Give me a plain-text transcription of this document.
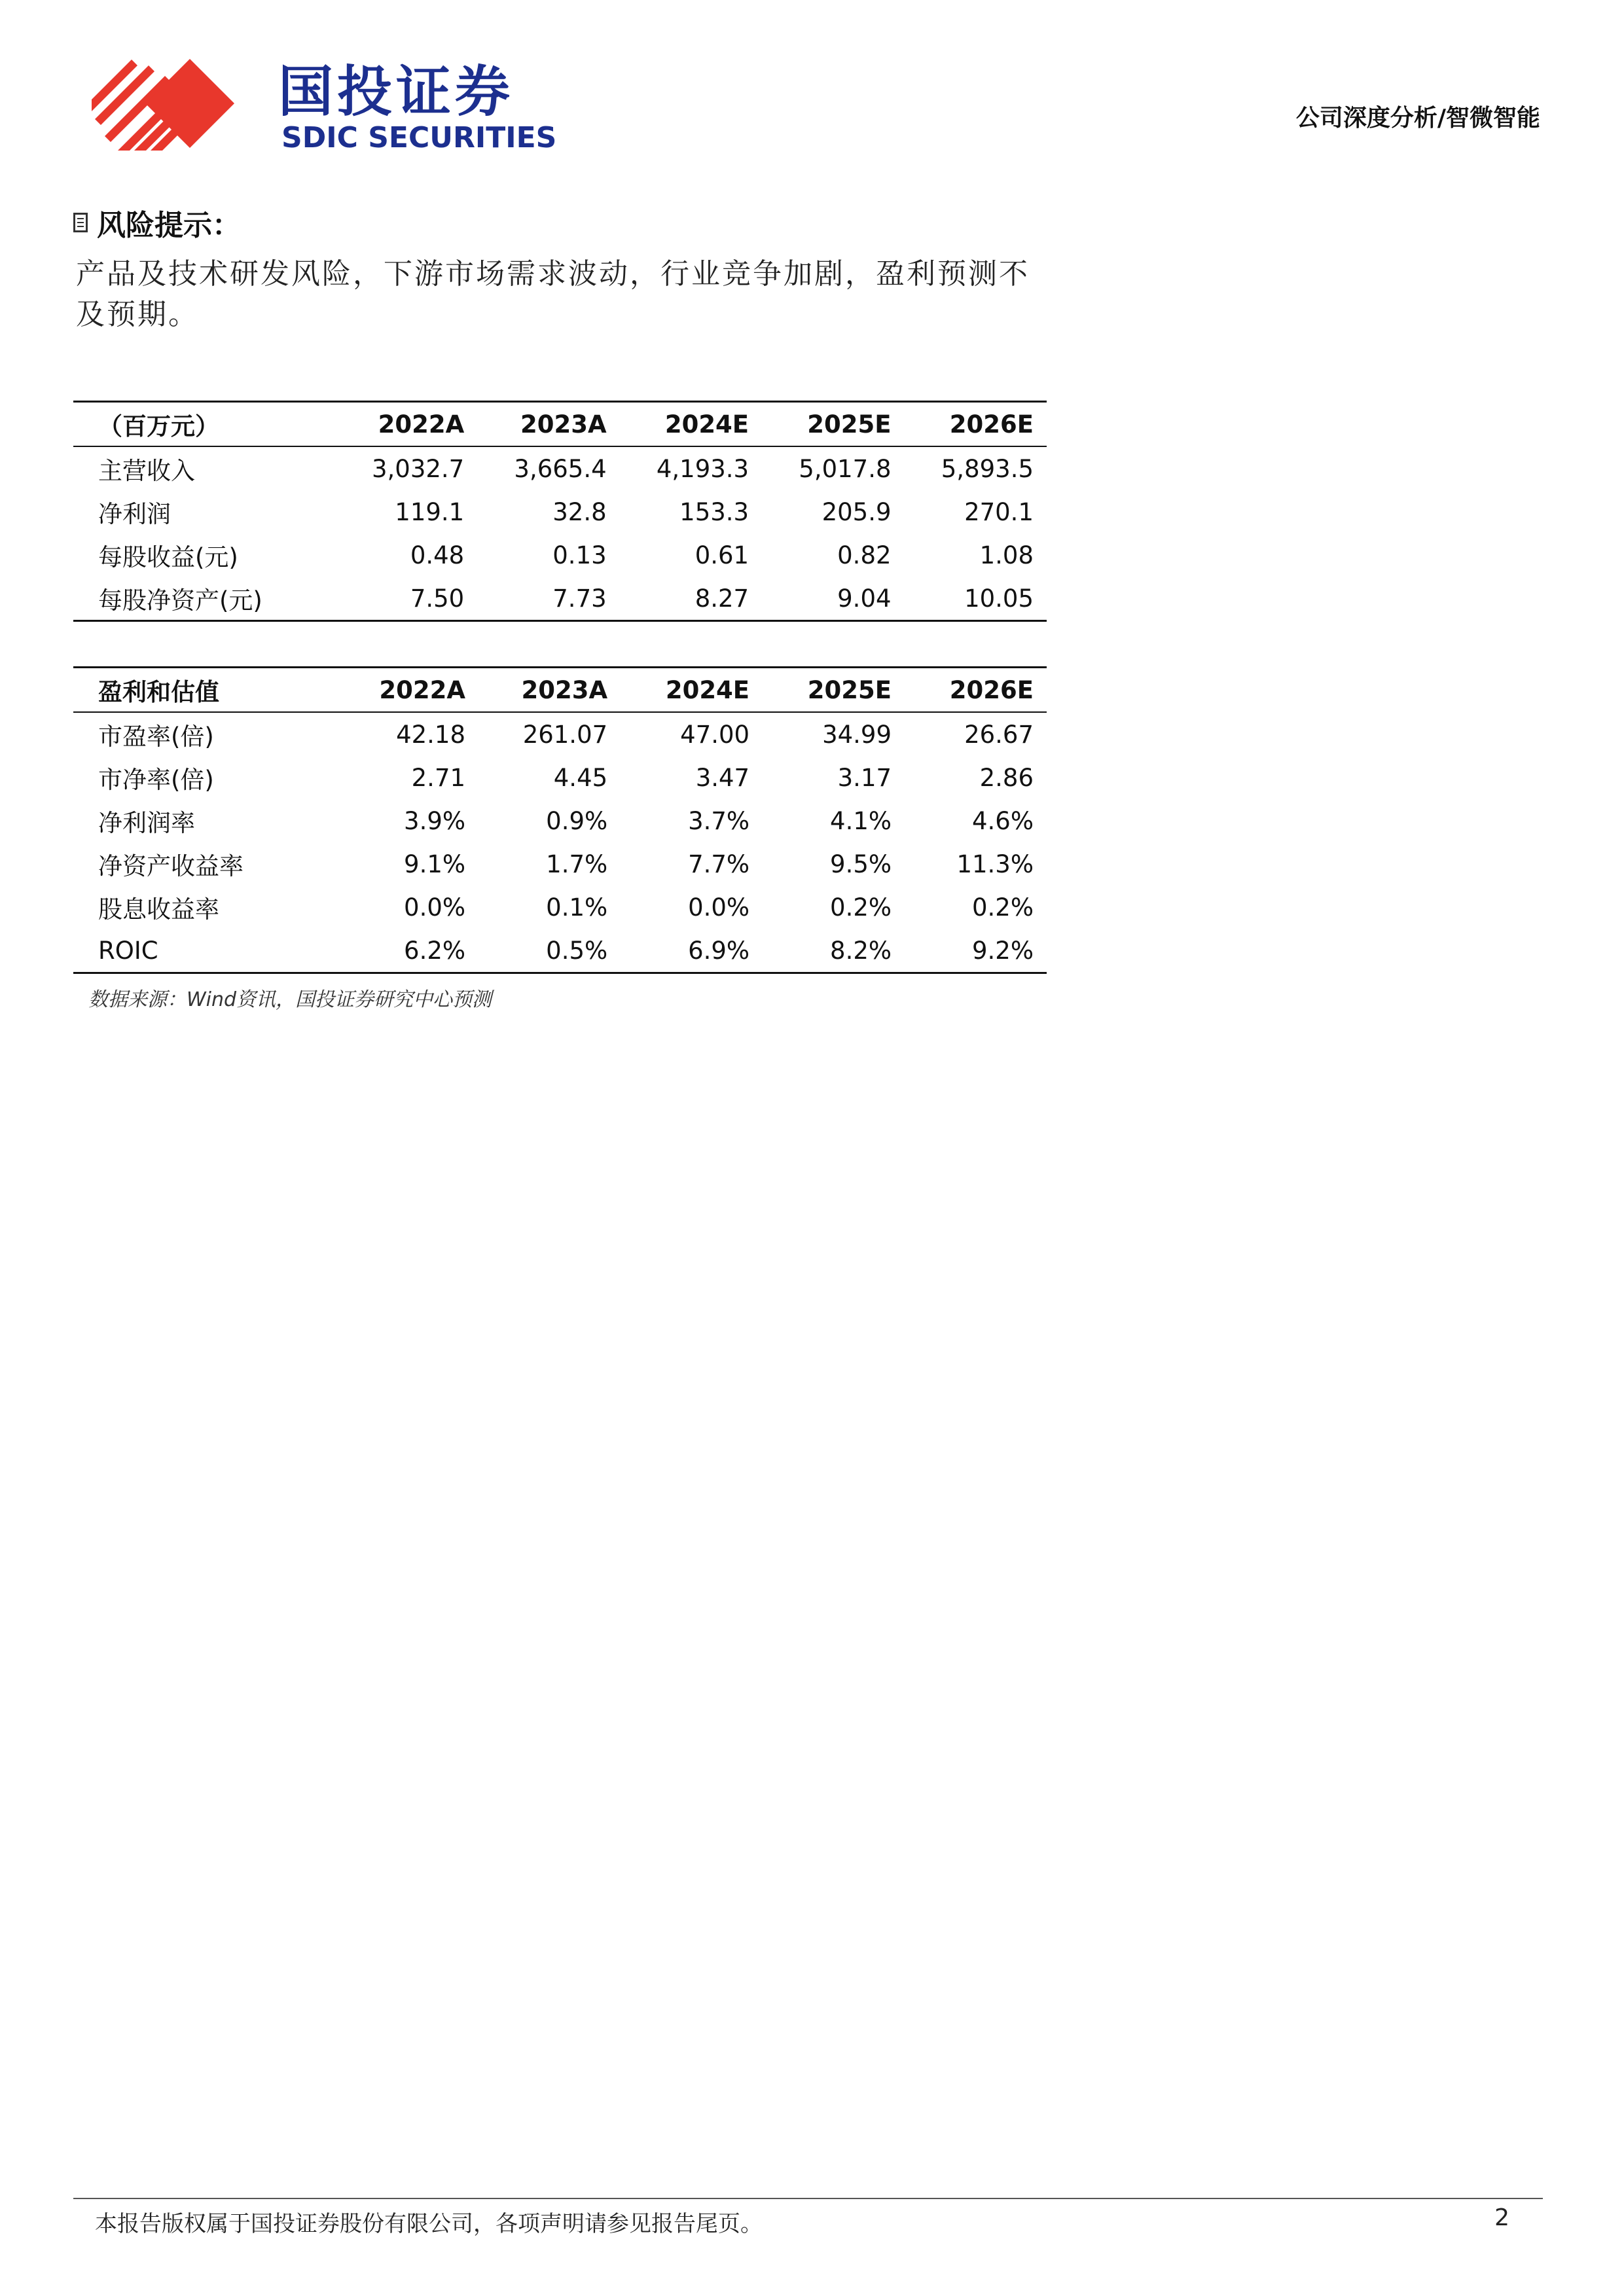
国投证券
SDIC SECURITIES
公司深度分析/智微智能
风险提示：
产品及技术研发风险，下游市场需求波动，行业竞争加剧，盈利预测不及预期。
（百万元）	2022A	2023A	2024E	2025E	2026E
主营收入	3,032.7	3,665.4	4,193.3	5,017.8	5,893.5
净利润	119.1	32.8	153.3	205.9	270.1
每股收益(元)	0.48	0.13	0.61	0.82	1.08
每股净资产(元)	7.50	7.73	8.27	9.04	10.05
盈利和估值	2022A	2023A	2024E	2025E	2026E
市盈率(倍)	42.18	261.07	47.00	34.99	26.67
市净率(倍)	2.71	4.45	3.47	3.17	2.86
净利润率	3.9%	0.9%	3.7%	4.1%	4.6%
净资产收益率	9.1%	1.7%	7.7%	9.5%	11.3%
股息收益率	0.0%	0.1%	0.0%	0.2%	0.2%
ROIC	6.2%	0.5%	6.9%	8.2%	9.2%
数据来源：Wind资讯，国投证券研究中心预测
本报告版权属于国投证券股份有限公司，各项声明请参见报告尾页。	2
